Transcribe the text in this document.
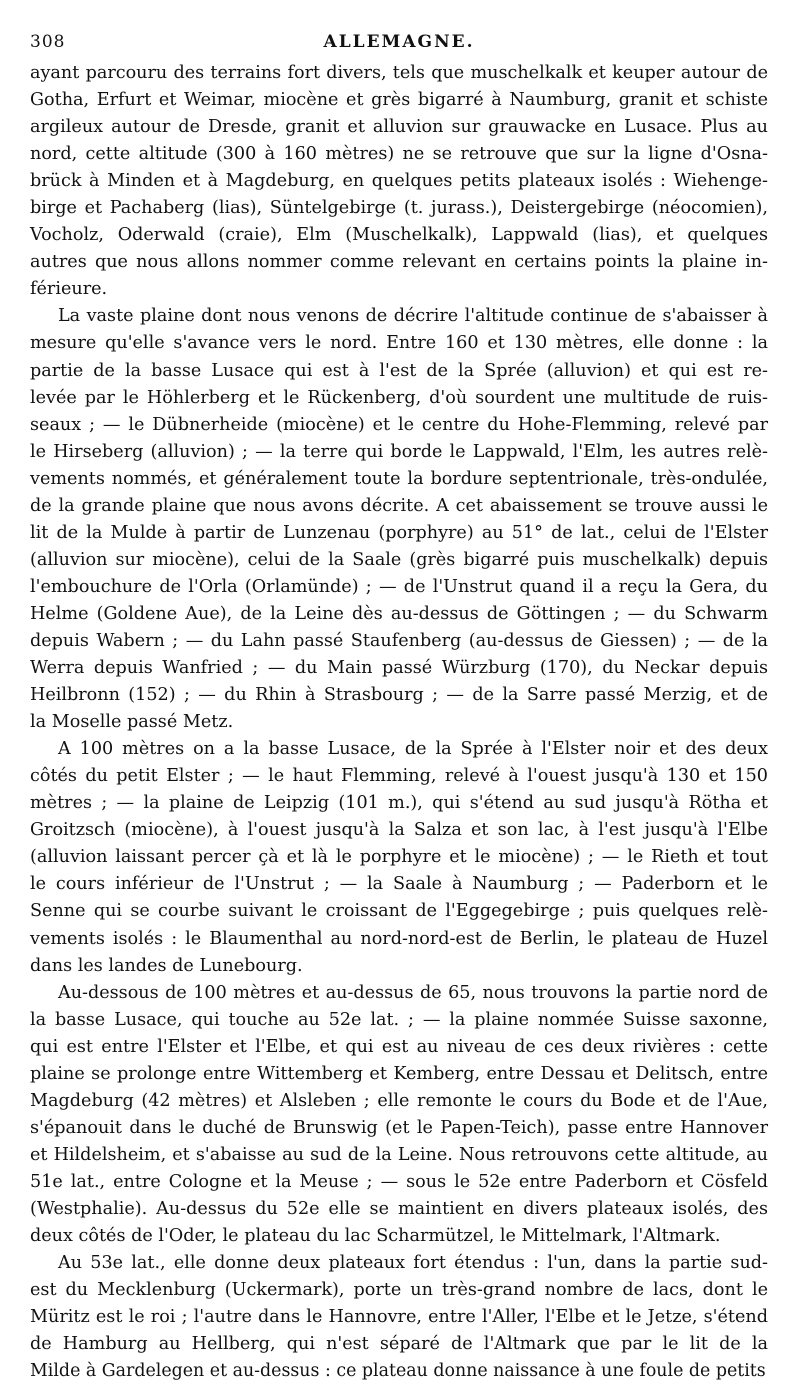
308	ALLEMAGNE.
ayant parcouru des terrains fort divers, tels que muschelkalk et keuper autour de
Gotha, Erfurt et Weimar, miocène et grès bigarré à Naumburg, granit et schiste
argileux autour de Dresde, granit et alluvion sur grauwacke en Lusace. Plus au
nord, cette altitude (300 à 160 mètres) ne se retrouve que sur la ligne d'Osna-
brück à Minden et à Magdeburg, en quelques petits plateaux isolés : Wiehenge-
birge et Pachaberg (lias), Süntelgebirge (t. jurass.), Deistergebirge (néocomien),
Vocholz, Oderwald (craie), Elm (Muschelkalk), Lappwald (lias), et quelques
autres que nous allons nommer comme relevant en certains points la plaine in-
férieure.
La vaste plaine dont nous venons de décrire l'altitude continue de s'abaisser à
mesure qu'elle s'avance vers le nord. Entre 160 et 130 mètres, elle donne : la
partie de la basse Lusace qui est à l'est de la Sprée (alluvion) et qui est re-
levée par le Höhlerberg et le Rückenberg, d'où sourdent une multitude de ruis-
seaux ; — le Dübnerheide (miocène) et le centre du Hohe-Flemming, relevé par
le Hirseberg (alluvion) ; — la terre qui borde le Lappwald, l'Elm, les autres relè-
vements nommés, et généralement toute la bordure septentrionale, très-ondulée,
de la grande plaine que nous avons décrite. A cet abaissement se trouve aussi le
lit de la Mulde à partir de Lunzenau (porphyre) au 51° de lat., celui de l'Elster
(alluvion sur miocène), celui de la Saale (grès bigarré puis muschelkalk) depuis
l'embouchure de l'Orla (Orlamünde) ; — de l'Unstrut quand il a reçu la Gera, du
Helme (Goldene Aue), de la Leine dès au-dessus de Göttingen ; — du Schwarm
depuis Wabern ; — du Lahn passé Staufenberg (au-dessus de Giessen) ; — de la
Werra depuis Wanfried ; — du Main passé Würzburg (170), du Neckar depuis
Heilbronn (152) ; — du Rhin à Strasbourg ; — de la Sarre passé Merzig, et de
la Moselle passé Metz.
A 100 mètres on a la basse Lusace, de la Sprée à l'Elster noir et des deux
côtés du petit Elster ; — le haut Flemming, relevé à l'ouest jusqu'à 130 et 150
mètres ; — la plaine de Leipzig (101 m.), qui s'étend au sud jusqu'à Rötha et
Groitzsch (miocène), à l'ouest jusqu'à la Salza et son lac, à l'est jusqu'à l'Elbe
(alluvion laissant percer çà et là le porphyre et le miocène) ; — le Rieth et tout
le cours inférieur de l'Unstrut ; — la Saale à Naumburg ; — Paderborn et le
Senne qui se courbe suivant le croissant de l'Eggegebirge ; puis quelques relè-
vements isolés : le Blaumenthal au nord-nord-est de Berlin, le plateau de Huzel
dans les landes de Lunebourg.
Au-dessous de 100 mètres et au-dessus de 65, nous trouvons la partie nord de
la basse Lusace, qui touche au 52e lat. ; — la plaine nommée Suisse saxonne,
qui est entre l'Elster et l'Elbe, et qui est au niveau de ces deux rivières : cette
plaine se prolonge entre Wittemberg et Kemberg, entre Dessau et Delitsch, entre
Magdeburg (42 mètres) et Alsleben ; elle remonte le cours du Bode et de l'Aue,
s'épanouit dans le duché de Brunswig (et le Papen-Teich), passe entre Hannover
et Hildelsheim, et s'abaisse au sud de la Leine. Nous retrouvons cette altitude, au
51e lat., entre Cologne et la Meuse ; — sous le 52e entre Paderborn et Cösfeld
(Westphalie). Au-dessus du 52e elle se maintient en divers plateaux isolés, des
deux côtés de l'Oder, le plateau du lac Scharmützel, le Mittelmark, l'Altmark.
Au 53e lat., elle donne deux plateaux fort étendus : l'un, dans la partie sud-
est du Mecklenburg (Uckermark), porte un très-grand nombre de lacs, dont le
Müritz est le roi ; l'autre dans le Hannovre, entre l'Aller, l'Elbe et le Jetze, s'étend
de Hamburg au Hellberg, qui n'est séparé de l'Altmark que par le lit de la
Milde à Gardelegen et au-dessus : ce plateau donne naissance à une foule de petits
